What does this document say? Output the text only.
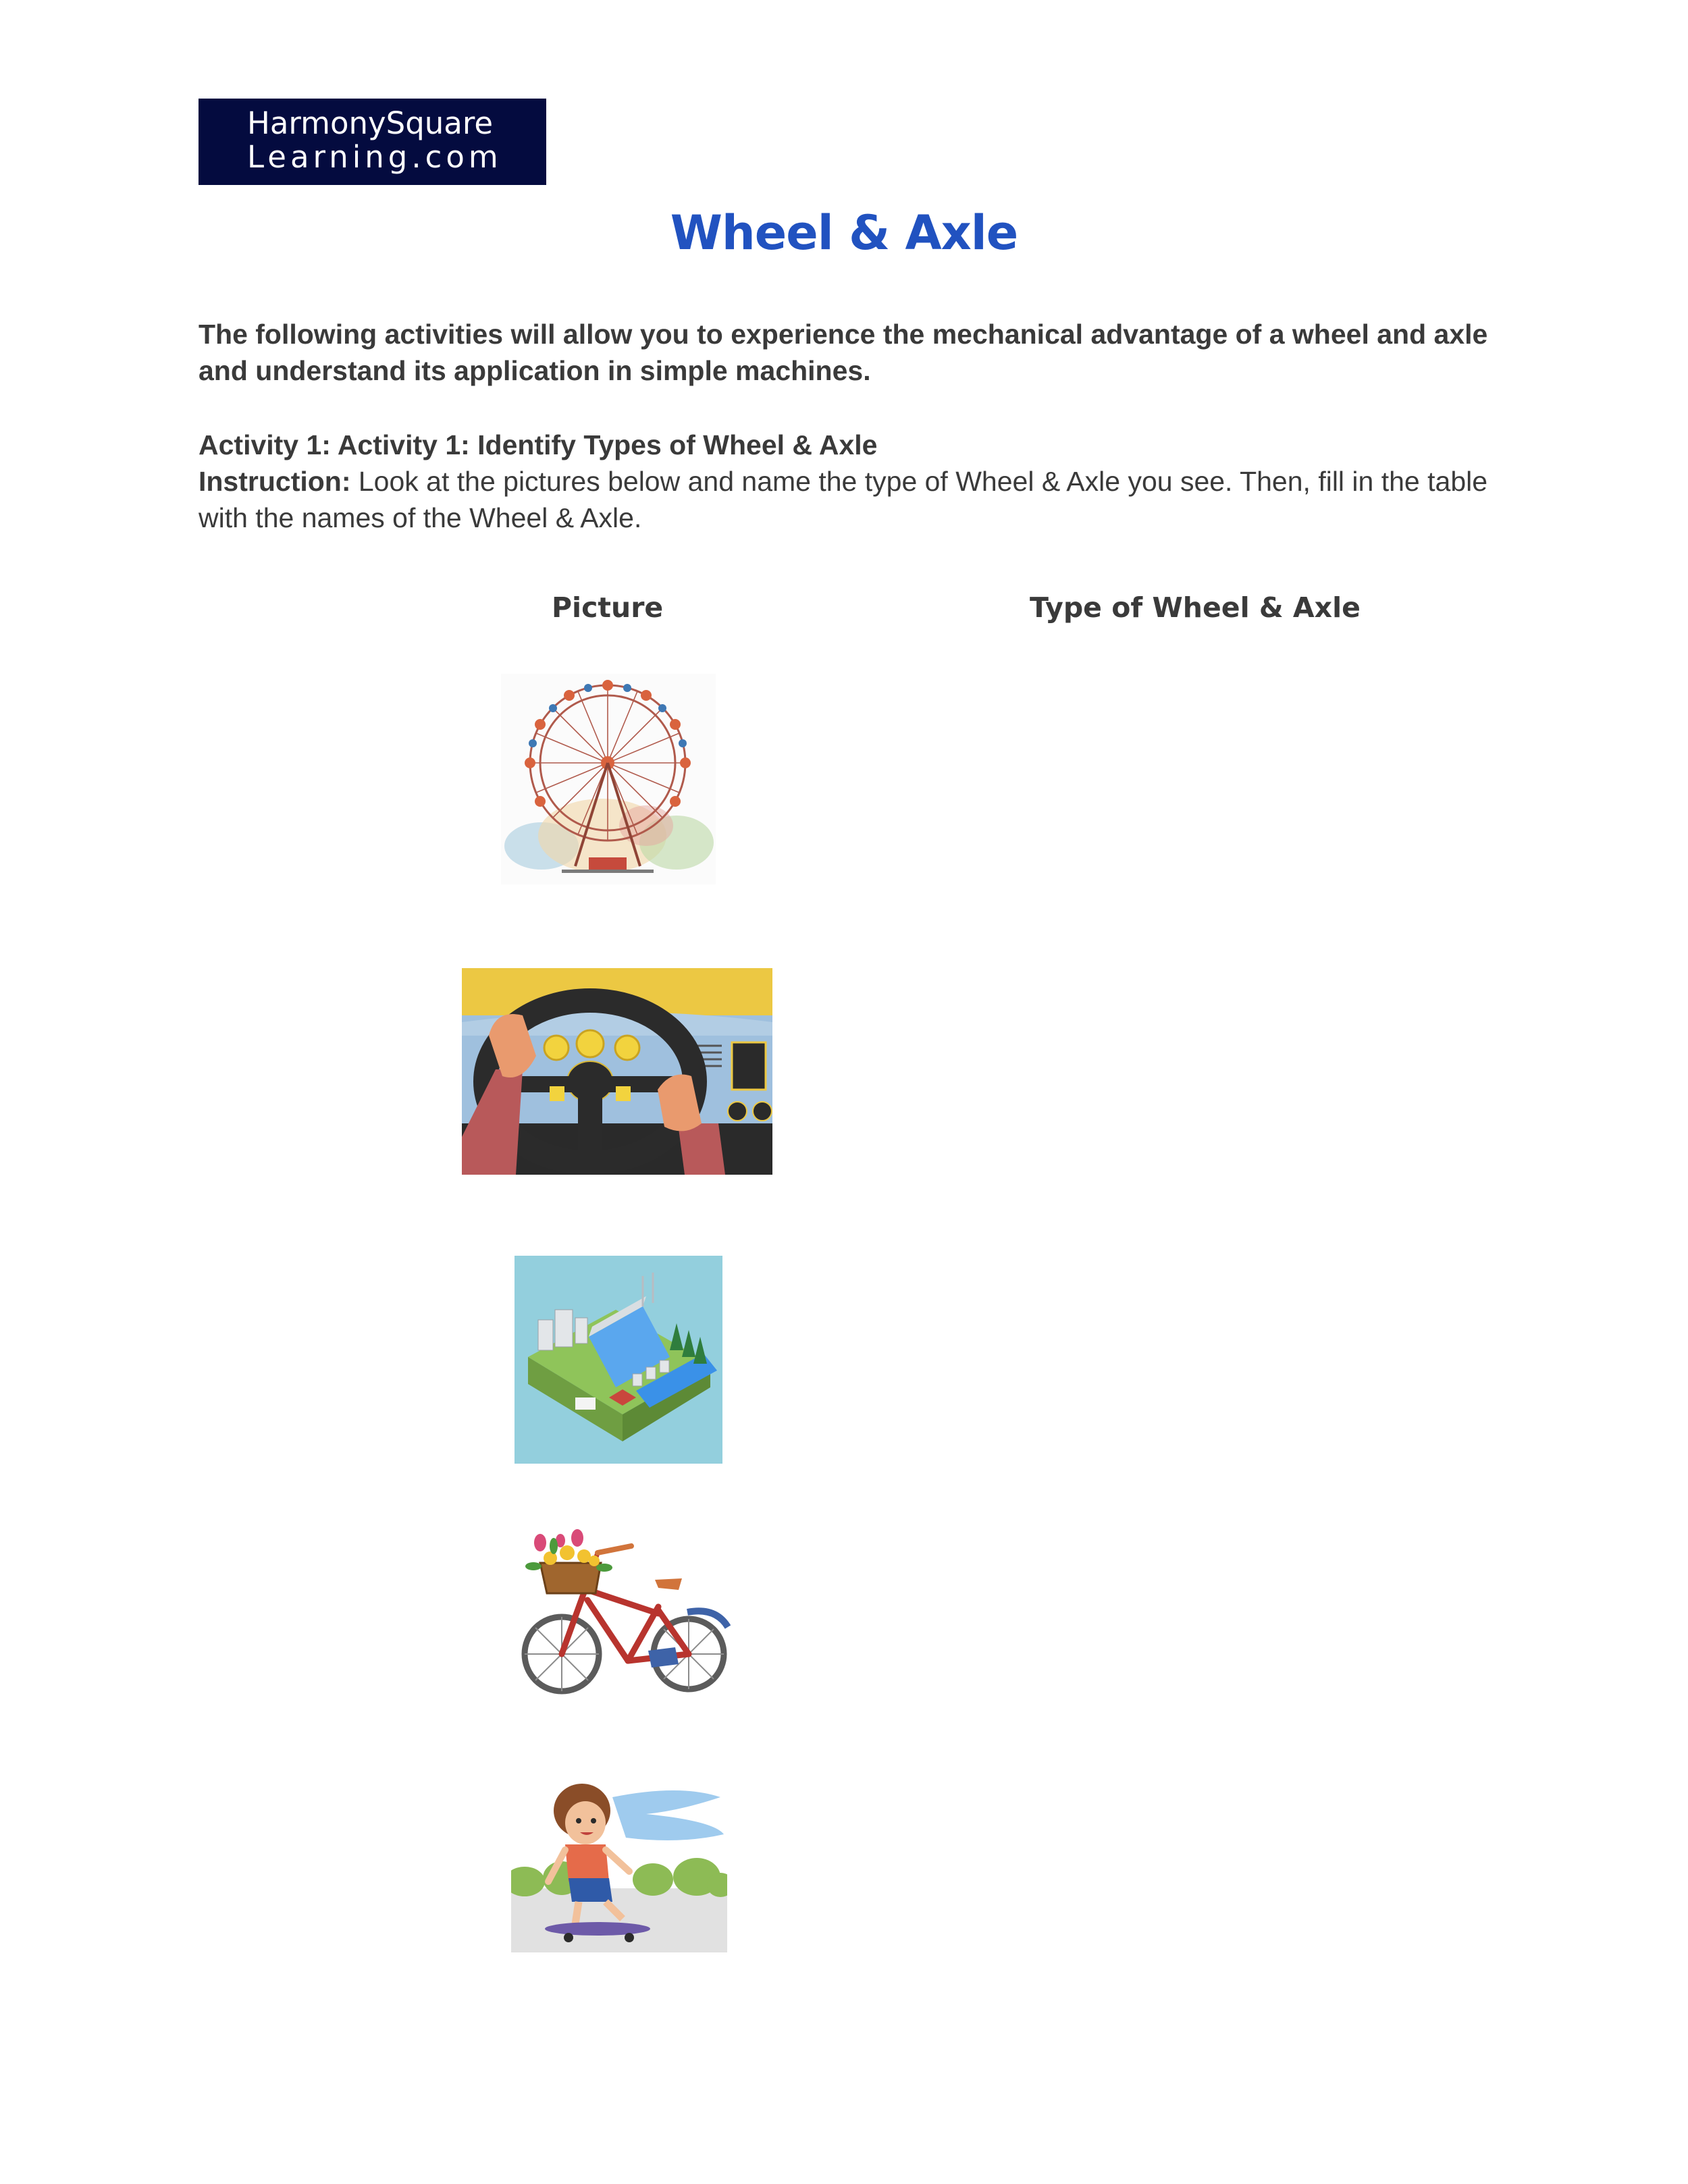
HarmonySquare
Learning.com
Wheel & Axle

The following activities will allow you to experience the mechanical advantage of a wheel and axle and understand its application in simple machines.

Activity 1: Activity 1: Identify Types of Wheel & Axle
Instruction: Look at the pictures below and name the type of Wheel & Axle you see. Then, fill in the table with the names of the Wheel & Axle.
Picture	Type of Wheel & Axle
